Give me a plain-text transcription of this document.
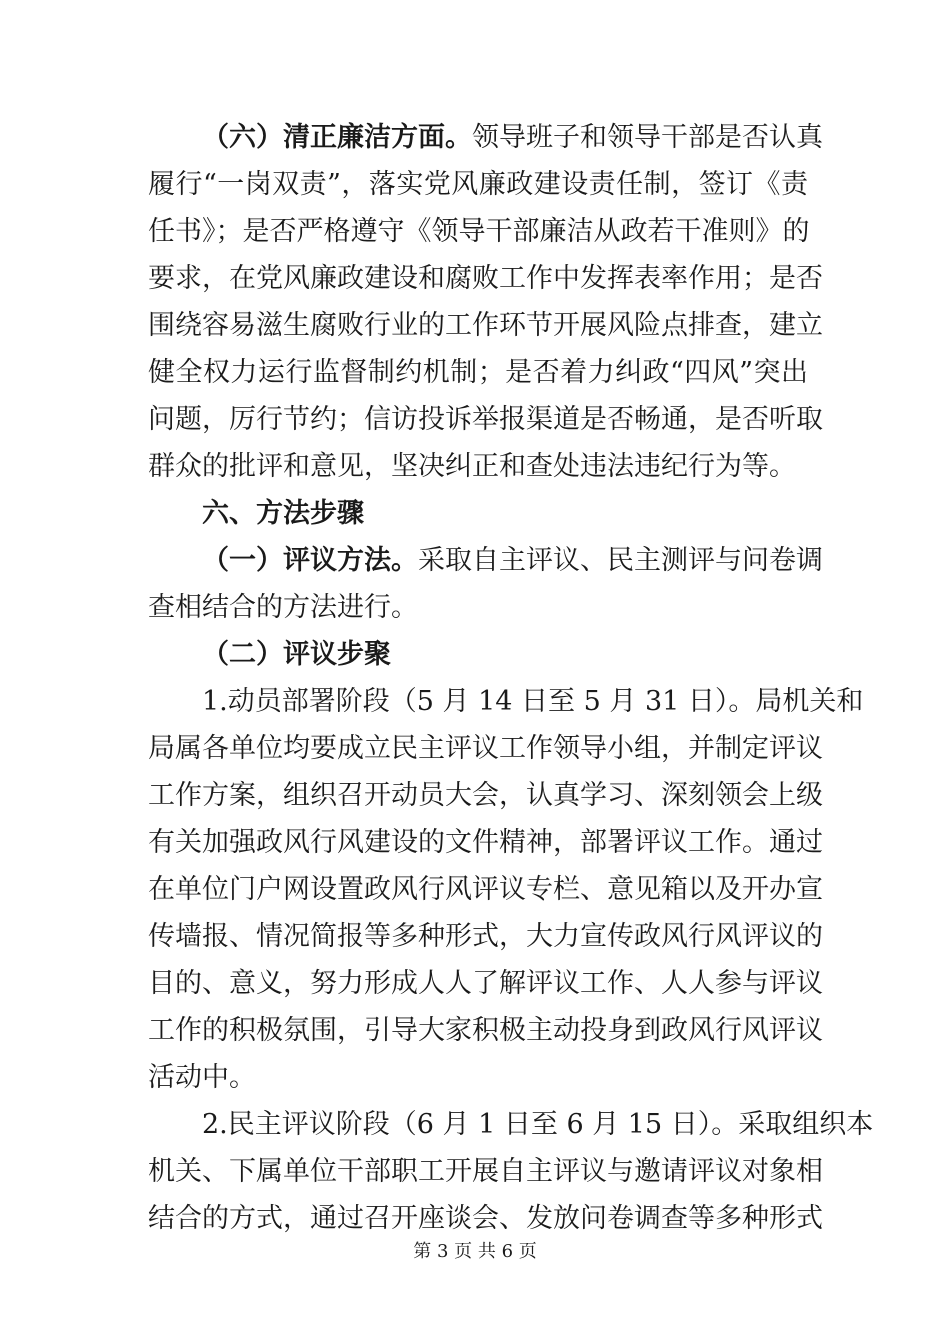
（六）清正廉洁方面。领导班子和领导干部是否认真
履行“一岗双责”，落实党风廉政建设责任制，签订《责
任书》；是否严格遵守《领导干部廉洁从政若干准则》的
要求，在党风廉政建设和腐败工作中发挥表率作用；是否
围绕容易滋生腐败行业的工作环节开展风险点排查，建立
健全权力运行监督制约机制；是否着力纠政“四风”突出
问题，厉行节约；信访投诉举报渠道是否畅通，是否听取
群众的批评和意见，坚决纠正和查处违法违纪行为等。
六、方法步骤
（一）评议方法。采取自主评议、民主测评与问卷调
查相结合的方法进行。
（二）评议步聚
1.动员部署阶段（5 月 14 日至 5 月 31 日）。局机关和
局属各单位均要成立民主评议工作领导小组，并制定评议
工作方案，组织召开动员大会，认真学习、深刻领会上级
有关加强政风行风建设的文件精神，部署评议工作。通过
在单位门户网设置政风行风评议专栏、意见箱以及开办宣
传墙报、情况简报等多种形式，大力宣传政风行风评议的
目的、意义，努力形成人人了解评议工作、人人参与评议
工作的积极氛围，引导大家积极主动投身到政风行风评议
活动中。
2.民主评议阶段（6 月 1 日至 6 月 15 日）。采取组织本
机关、下属单位干部职工开展自主评议与邀请评议对象相
结合的方式，通过召开座谈会、发放问卷调查等多种形式
第 3 页 共 6 页
